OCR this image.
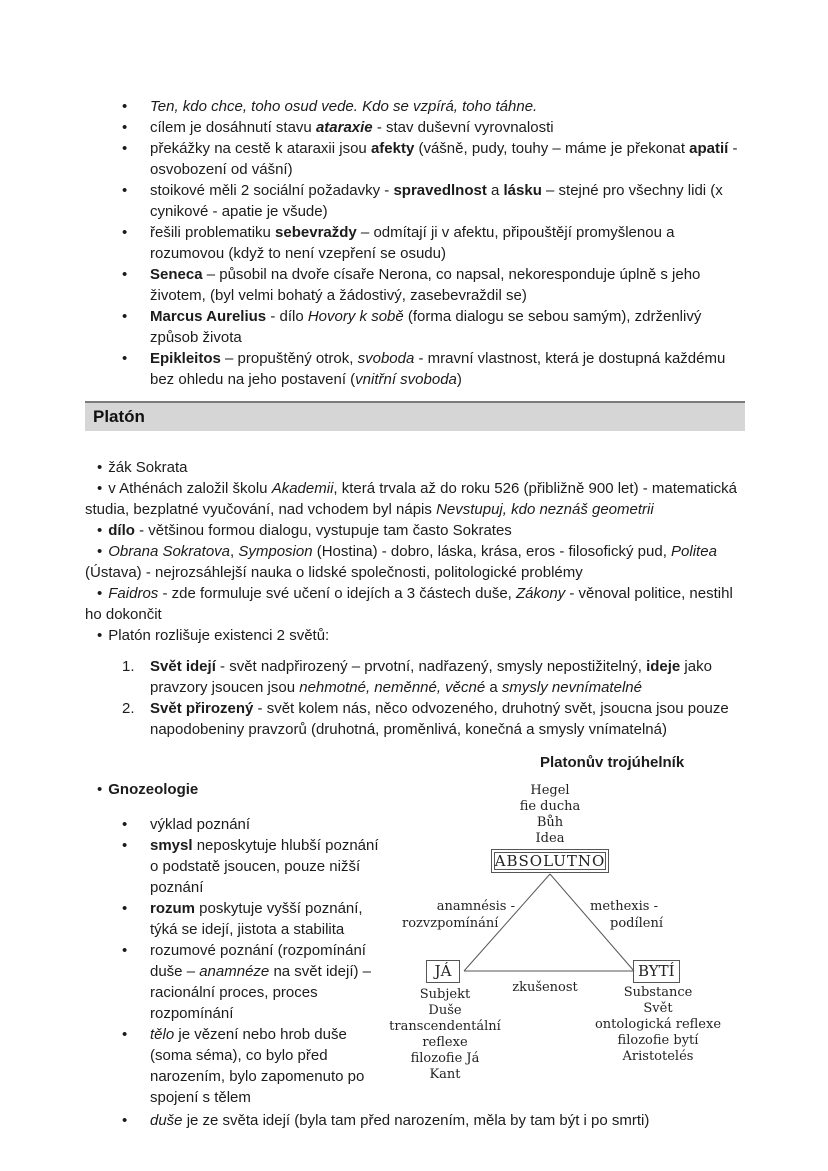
• Ten, kdo chce, toho osud vede. Kdo se vzpírá, toho táhne.
• cílem je dosáhnutí stavu ataraxie - stav duševní vyrovnalosti
• překážky na cestě k ataraxii jsou afekty (vášně, pudy, touhy – máme je překonat apatií - osvobození od vášní)
• stoikové měli 2 sociální požadavky - spravedlnost a lásku – stejné pro všechny lidi (x cynikové - apatie je všude)
• řešili problematiku sebevraždy – odmítají ji v afektu, připouštějí promyšlenou a rozumovou (když to není vzepření se osudu)
• Seneca – působil na dvoře císaře Nerona, co napsal, nekoresponduje úplně s jeho životem, (byl velmi bohatý a žádostivý, zasebevraždil se)
• Marcus Aurelius - dílo Hovory k sobě (forma dialogu se sebou samým), zdrženlivý způsob života
• Epikleitos – propuštěný otrok, svoboda - mravní vlastnost, která je dostupná každému bez ohledu na jeho postavení (vnitřní svoboda)
Platón
• žák Sokrata
• v Athénách založil školu Akademii, která trvala až do roku 526 (přibližně 900 let) - matematická studia, bezplatné vyučování, nad vchodem byl nápis Nevstupuj, kdo neznáš geometrii
• dílo - většinou formou dialogu, vystupuje tam často Sokrates
• Obrana Sokratova, Symposion (Hostina) - dobro, láska, krása, eros - filosofický pud, Politea (Ústava) - nejrozsáhlejší nauka o lidské společnosti, politologické problémy
• Faidros - zde formuluje své učení o idejích a 3 částech duše, Zákony - věnoval politice, nestihl ho dokončit
• Platón rozlišuje existenci 2 světů:
1. Svět idejí - svět nadpřirozený – prvotní, nadřazený, smysly nepostižitelný, ideje jako pravzory jsoucen jsou nehmotné, neměnné, věcné a smysly nevnímatelné
2. Svět přirozený - svět kolem nás, něco odvozeného, druhotný svět, jsoucna jsou pouze napodobeniny pravzorů (druhotná, proměnlivá, konečná a smysly vnímatelná)
Platonův trojúhelník
• Gnozeologie
• výklad poznání
• smysl neposkytuje hlubší poznání o podstatě jsoucen, pouze nižší poznání
• rozum poskytuje vyšší poznání, týká se idejí, jistota a stabilita
• rozumové poznání (rozpomínání duše – anamnéze na svět idejí) – racionální proces, proces rozpomínání
• tělo je vězení nebo hrob duše (soma séma), co bylo před narozením, bylo zapomenuto po spojení s tělem
Hegel
fie ducha
Bůh
Idea
ABSOLUTNO
anamnésis -
rozvzpomínání
methexis -
podílení
JÁ	BYTÍ
zkušenost
Subjekt
Duše
transcendentální reflexe
filozofie Já
Kant
Substance
Svět
ontologická reflexe
filozofie bytí
Aristotelés
• duše je ze světa idejí (byla tam před narozením, měla by tam být i po smrti)
